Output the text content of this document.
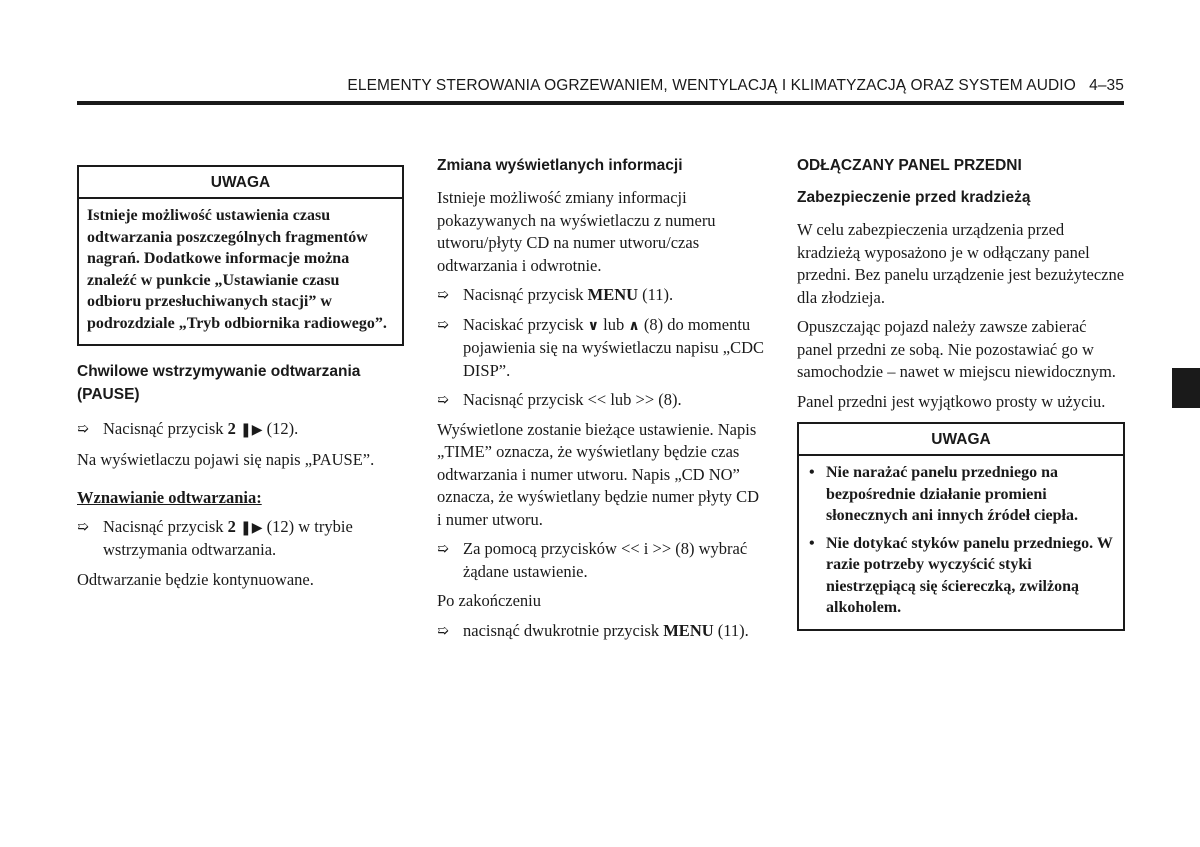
ELEMENTY STEROWANIA OGRZEWANIEM, WENTYLACJĄ I KLIMATYZACJĄ ORAZ SYSTEM AUDIO 4–35
UWAGA

Istnieje możliwość ustawienia czasu odtwarzania poszczególnych fragmentów nagrań. Dodatkowe informacje można znaleźć w punkcie „Ustawianie czasu odbioru przesłuchiwanych stacji” w podrozdziale „Tryb odbiornika radiowego”.

Chwilowe wstrzymywanie odtwarzania (PAUSE)
➯ Nacisnąć przycisk 2 ❚▶ (12).

Na wyświetlaczu pojawi się napis „PAUSE”.

Wznawianie odtwarzania:

➯ Nacisnąć przycisk 2 ❚▶ (12) w trybie wstrzymania odtwarzania.

Odtwarzanie będzie kontynuowane.

Zmiana wyświetlanych informacji

Istnieje możliwość zmiany informacji pokazywanych na wyświetlaczu z numeru utworu/płyty CD na numer utworu/czas odtwarzania i odwrotnie.

➯ Nacisnąć przycisk MENU (11).
➯ Naciskać przycisk ∨ lub ∧ (8) do momentu pojawienia się na wyświetlaczu napisu „CDC DISP”.
➯ Nacisnąć przycisk << lub >> (8).

Wyświetlone zostanie bieżące ustawienie. Napis „TIME” oznacza, że wyświetlany będzie czas odtwarzania i numer utworu. Napis „CD NO” oznacza, że wyświetlany będzie numer płyty CD i numer utworu.

➯ Za pomocą przycisków << i >> (8) wybrać żądane ustawienie.

Po zakończeniu

➯ nacisnąć dwukrotnie przycisk MENU (11).
ODŁĄCZANY PANEL PRZEDNI
Zabezpieczenie przed kradzieżą

W celu zabezpieczenia urządzenia przed kradzieżą wyposażono je w odłączany panel przedni. Bez panelu urządzenie jest bezużyteczne dla złodzieja.

Opuszczając pojazd należy zawsze zabierać panel przedni ze sobą. Nie pozostawiać go w samochodzie – nawet w miejscu niewidocznym.

Panel przedni jest wyjątkowo prosty w użyciu.

UWAGA
• Nie narażać panelu przedniego na bezpośrednie działanie promieni słonecznych ani innych źródeł ciepła.
• Nie dotykać styków panelu przedniego. W razie potrzeby wyczyścić styki niestrzępiącą się ściereczką, zwilżoną alkoholem.
